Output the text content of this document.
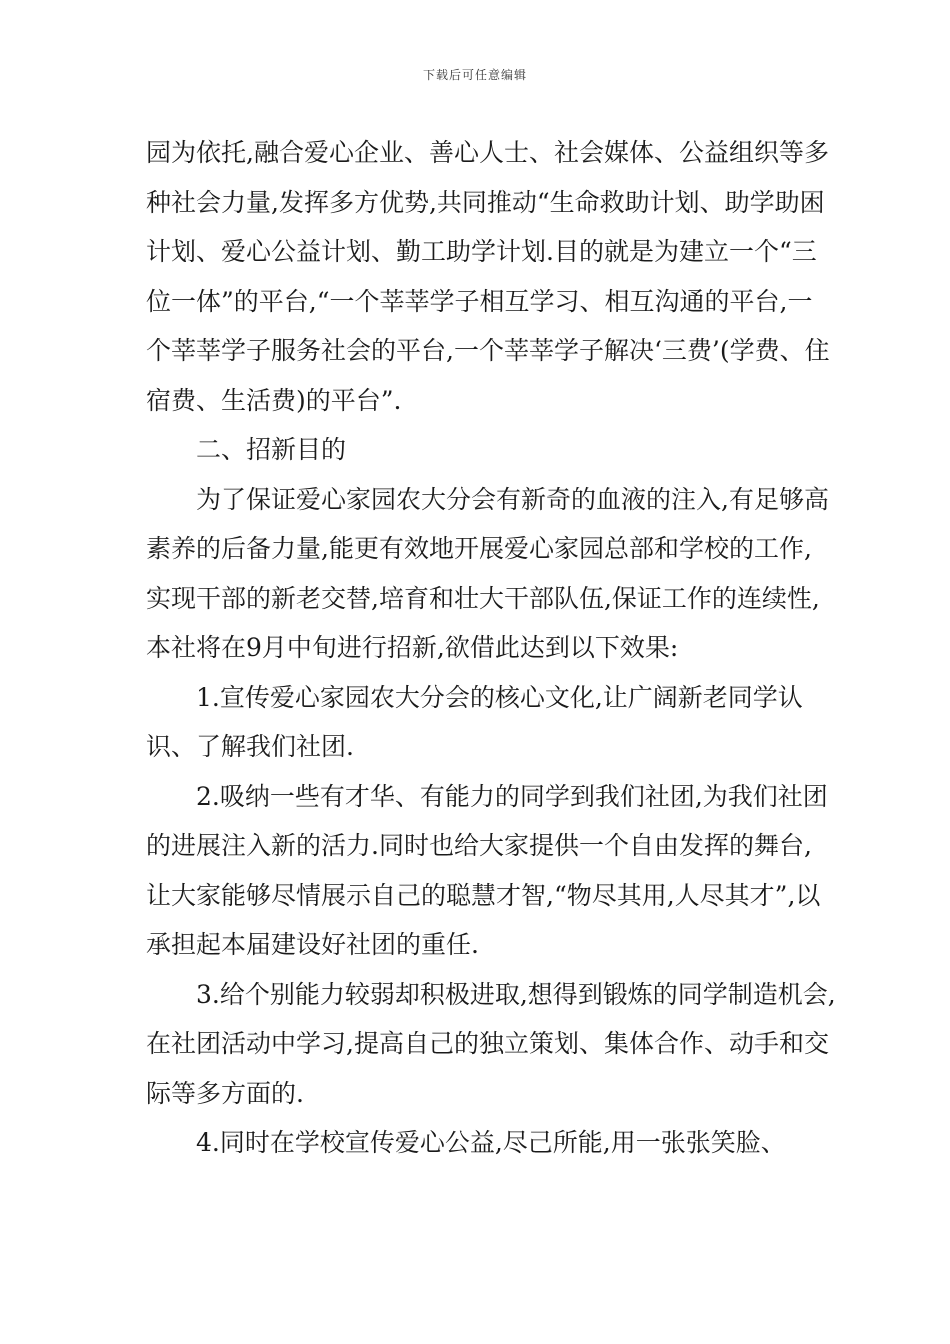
下载后可任意编辑

园为依托,融合爱心企业、善心人士、社会媒体、公益组织等多种社会力量,发挥多方优势,共同推动“生命救助计划、助学助困计划、爱心公益计划、勤工助学计划.目的就是为建立一个“三位一体”的平台,“一个莘莘学子相互学习、相互沟通的平台,一个莘莘学子服务社会的平台,一个莘莘学子解决‘三费’(学费、住宿费、生活费)的平台”.

二、招新目的

为了保证爱心家园农大分会有新奇的血液的注入,有足够高素养的后备力量,能更有效地开展爱心家园总部和学校的工作,实现干部的新老交替,培育和壮大干部队伍,保证工作的连续性,本社将在9月中旬进行招新,欲借此达到以下效果:

1.宣传爱心家园农大分会的核心文化,让广阔新老同学认识、了解我们社团.

2.吸纳一些有才华、有能力的同学到我们社团,为我们社团的进展注入新的活力.同时也给大家提供一个自由发挥的舞台,让大家能够尽情展示自己的聪慧才智,“物尽其用,人尽其才”,以承担起本届建设好社团的重任.

3.给个别能力较弱却积极进取,想得到锻炼的同学制造机会,在社团活动中学习,提高自己的独立策划、集体合作、动手和交际等多方面的.

4.同时在学校宣传爱心公益,尽己所能,用一张张笑脸、
